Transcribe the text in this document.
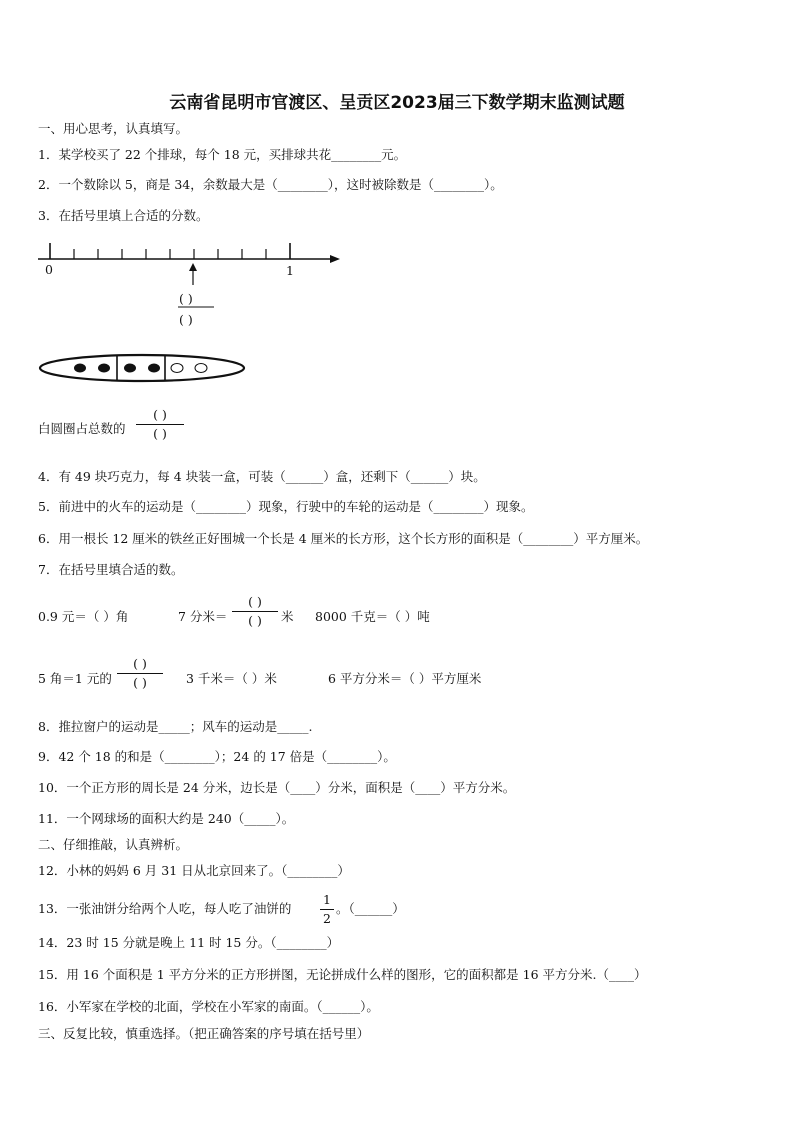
云南省昆明市官渡区、呈贡区2023届三下数学期末监测试题
一、用心思考，认真填写。
1．某学校买了 22 个排球，每个 18 元，买排球共花________元。
2．一个数除以 5，商是 34，余数最大是（________），这时被除数是（________）。
3．在括号里填上合适的分数。
0	1
( )
( )
白圆圈占总数的
( )
( )
4．有 49 块巧克力，每 4 块装一盒，可装（______）盒，还剩下（______）块。
5．前进中的火车的运动是（________）现象，行驶中的车轮的运动是（________）现象。
6．用一根长 12 厘米的铁丝正好围城一个长是 4 厘米的长方形，这个长方形的面积是（________）平方厘米。
7．在括号里填合适的数。
0.9 元＝（ ）角	7 分米＝
( )
( )	米 8000 千克＝（ ）吨
5 角＝1 元的
( )
( )	3 千米＝（ ）米	6 平方分米＝（ ）平方厘米
8．推拉窗户的运动是_____；风车的运动是_____.
9．42 个 18 的和是（________）；24 的 17 倍是（________）。
10．一个正方形的周长是 24 分米，边长是（____）分米，面积是（____）平方分米。
11．一个网球场的面积大约是 240（_____）。
二、仔细推敲，认真辨析。
12．小林的妈妈 6 月 31 日从北京回来了。（________）
13．一张油饼分给两个人吃，每人吃了油饼的
1
2
。（______）
14．23 时 15 分就是晚上 11 时 15 分。（________）
15．用 16 个面积是 1 平方分米的正方形拼图，无论拼成什么样的图形，它的面积都是 16 平方分米.（____）
16．小军家在学校的北面，学校在小军家的南面。（______）。
三、反复比较，慎重选择。（把正确答案的序号填在括号里）
